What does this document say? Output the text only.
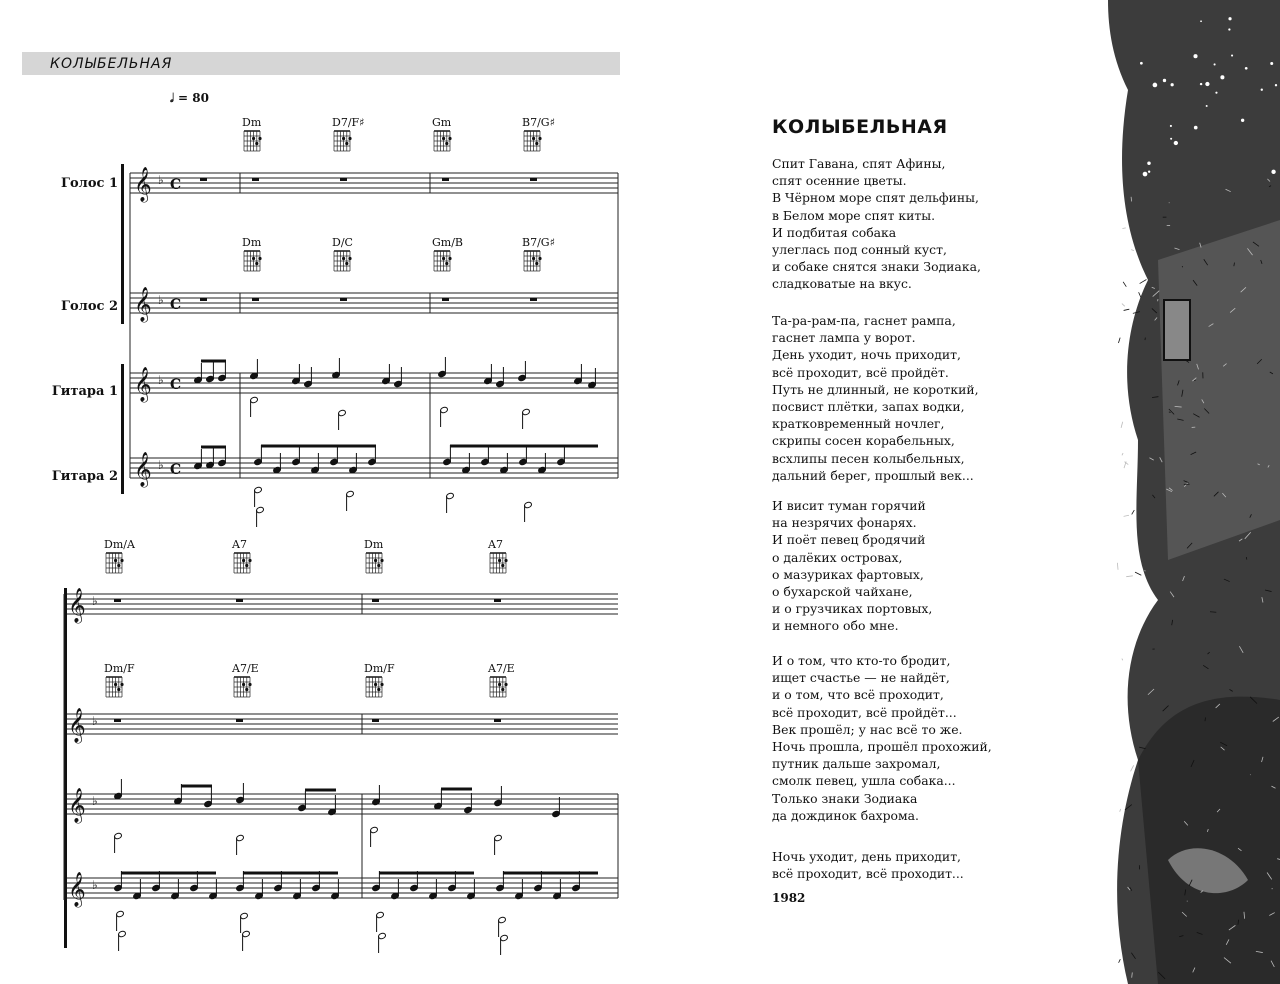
КОЛЫБЕЛЬНАЯ
𝅗𝅥 = 80
Голос 1 𝄞 ♭ C
Голос 2 𝄞 ♭ C
Гитара 1 𝄞 ♭ C
Гитара 2 𝄞 ♭ C
Dm	D7/F♯	Gm	B7/G♯
Dm	D/C	Gm/B	B7/G♯
𝄞 ♭
𝄞 ♭
𝄞 ♭
𝄞 ♭
Dm/A	A7	Dm	A7
Dm/F	A7/E	Dm/F	A7/E
КОЛЫБЕЛЬНАЯ
Спит Гавана, спят Афины,
спят осенние цветы.
В Чёрном море спят дельфины,
в Белом море спят киты.
И подбитая собака
улеглась под сонный куст,
и собаке снятся знаки Зодиака,
сладковатые на вкус.
Та-ра-рам-па, гаснет рампа,
гаснет лампа у ворот.
День уходит, ночь приходит,
всё проходит, всё пройдёт.
Путь не длинный, не короткий,
посвист плётки, запах водки,
кратковременный ночлег,
скрипы сосен корабельных,
всхлипы песен колыбельных,
дальний берег, прошлый век...
И висит туман горячий
на незрячих фонарях.
И поёт певец бродячий
о далёких островах,
о мазуриках фартовых,
о бухарской чайхане,
и о грузчиках портовых,
и немного обо мне.
И о том, что кто-то бродит,
ищет счастье — не найдёт,
и о том, что всё проходит,
всё проходит, всё пройдёт...
Век прошёл; у нас всё то же.
Ночь прошла, прошёл прохожий,
путник дальше захромал,
смолк певец, ушла собака...
Только знаки Зодиака
да дождинок бахрома.
Ночь уходит, день приходит,
всё проходит, всё проходит...
1982
